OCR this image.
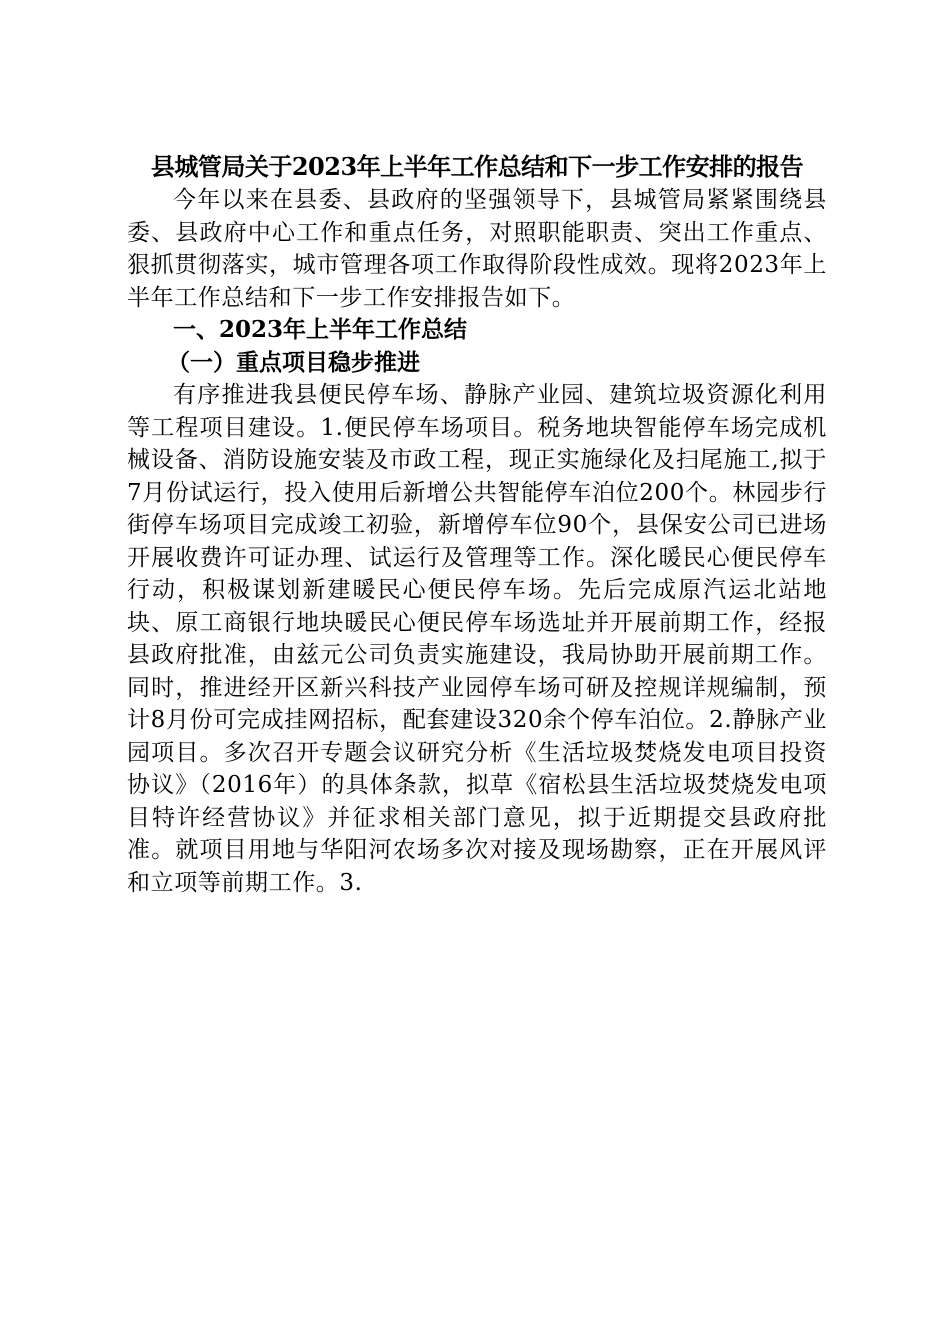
县城管局关于2023年上半年工作总结和下一步工作安排的报告

今年以来在县委、县政府的坚强领导下，县城管局紧紧围绕县委、县政府中心工作和重点任务，对照职能职责、突出工作重点、狠抓贯彻落实，城市管理各项工作取得阶段性成效。现将2023年上半年工作总结和下一步工作安排报告如下。

一、2023年上半年工作总结
（一）重点项目稳步推进

有序推进我县便民停车场、静脉产业园、建筑垃圾资源化利用等工程项目建设。1.便民停车场项目。税务地块智能停车场完成机械设备、消防设施安装及市政工程，现正实施绿化及扫尾施工,拟于7月份试运行，投入使用后新增公共智能停车泊位200个。林园步行街停车场项目完成竣工初验，新增停车位90个，县保安公司已进场开展收费许可证办理、试运行及管理等工作。深化暖民心便民停车行动，积极谋划新建暖民心便民停车场。先后完成原汽运北站地块、原工商银行地块暖民心便民停车场选址并开展前期工作，经报县政府批准，由兹元公司负责实施建设，我局协助开展前期工作。同时，推进经开区新兴科技产业园停车场可研及控规详规编制，预计8月份可完成挂网招标，配套建设320余个停车泊位。2.静脉产业园项目。多次召开专题会议研究分析《生活垃圾焚烧发电项目投资协议》（2016年）的具体条款，拟草《宿松县生活垃圾焚烧发电项目特许经营协议》并征求相关部门意见，拟于近期提交县政府批准。就项目用地与华阳河农场多次对接及现场勘察，正在开展风评和立项等前期工作。3.
